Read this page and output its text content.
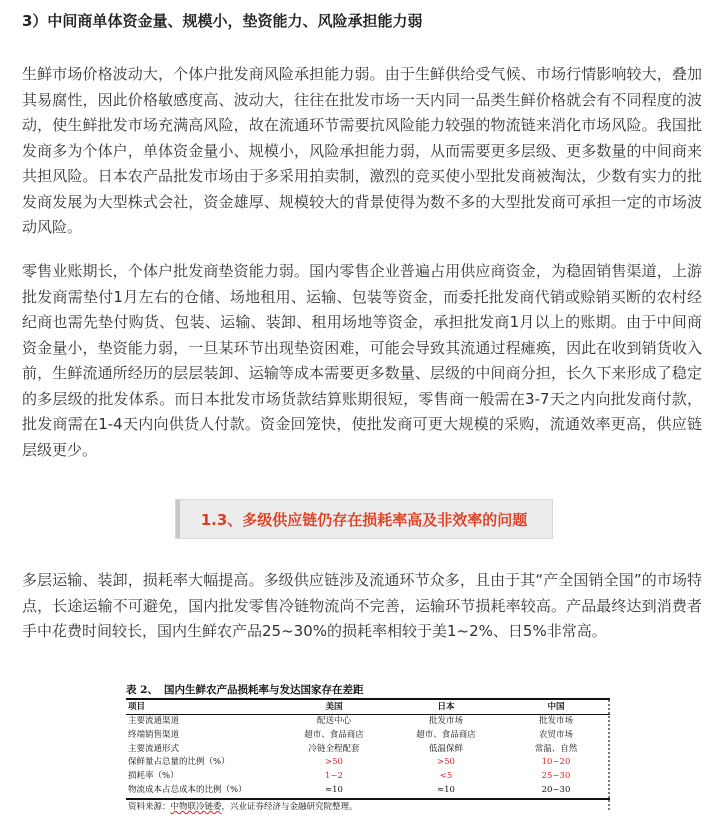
3）中间商单体资金量、规模小，垫资能力、风险承担能力弱

生鲜市场价格波动大，个体户批发商风险承担能力弱。由于生鲜供给受气候、市场行情影响较大，叠加其易腐性，因此价格敏感度高、波动大，往往在批发市场一天内同一品类生鲜价格就会有不同程度的波动，使生鲜批发市场充满高风险，故在流通环节需要抗风险能力较强的物流链来消化市场风险。我国批发商多为个体户，单体资金量小、规模小，风险承担能力弱，从而需要更多层级、更多数量的中间商来共担风险。日本农产品批发市场由于多采用拍卖制，激烈的竞买使小型批发商被淘汰，少数有实力的批发商发展为大型株式会社，资金雄厚、规模较大的背景使得为数不多的大型批发商可承担一定的市场波动风险。

零售业账期长，个体户批发商垫资能力弱。国内零售企业普遍占用供应商资金，为稳固销售渠道，上游批发商需垫付1月左右的仓储、场地租用、运输、包装等资金，而委托批发商代销或赊销买断的农村经纪商也需先垫付购货、包装、运输、装卸、租用场地等资金，承担批发商1月以上的账期。由于中间商资金量小，垫资能力弱，一旦某环节出现垫资困难，可能会导致其流通过程瘫痪，因此在收到销货收入前，生鲜流通所经历的层层装卸、运输等成本需要更多数量、层级的中间商分担，长久下来形成了稳定的多层级的批发体系。而日本批发市场货款结算账期很短，零售商一般需在3-7天之内向批发商付款，批发商需在1-4天内向供货人付款。资金回笼快，使批发商可更大规模的采购，流通效率更高，供应链层级更少。

1.3、多级供应链仍存在损耗率高及非效率的问题

多层运输、装卸，损耗率大幅提高。多级供应链涉及流通环节众多，且由于其“产全国销全国”的市场特点，长途运输不可避免，国内批发零售冷链物流尚不完善，运输环节损耗率较高。产品最终达到消费者手中花费时间较长，国内生鲜农产品25~30%的损耗率相较于美1~2%、日5%非常高。

表 2、 国内生鲜农产品损耗率与发达国家存在差距
项目	美国	日本	中国
主要流通渠道	配送中心	批发市场	批发市场
终端销售渠道	超市、食品商店	超市、食品商店	农贸市场
主要流通形式	冷链全程配套	低温保鲜	常温、自然
保鲜量占总量的比例（%）	>50	>50	10~20
损耗率（%）	1~2	<5	25~30
物流成本占总成本的比例（%）	≈10	≈10	20~30
资料来源：中物联冷链委，兴业证券经济与金融研究院整理。
